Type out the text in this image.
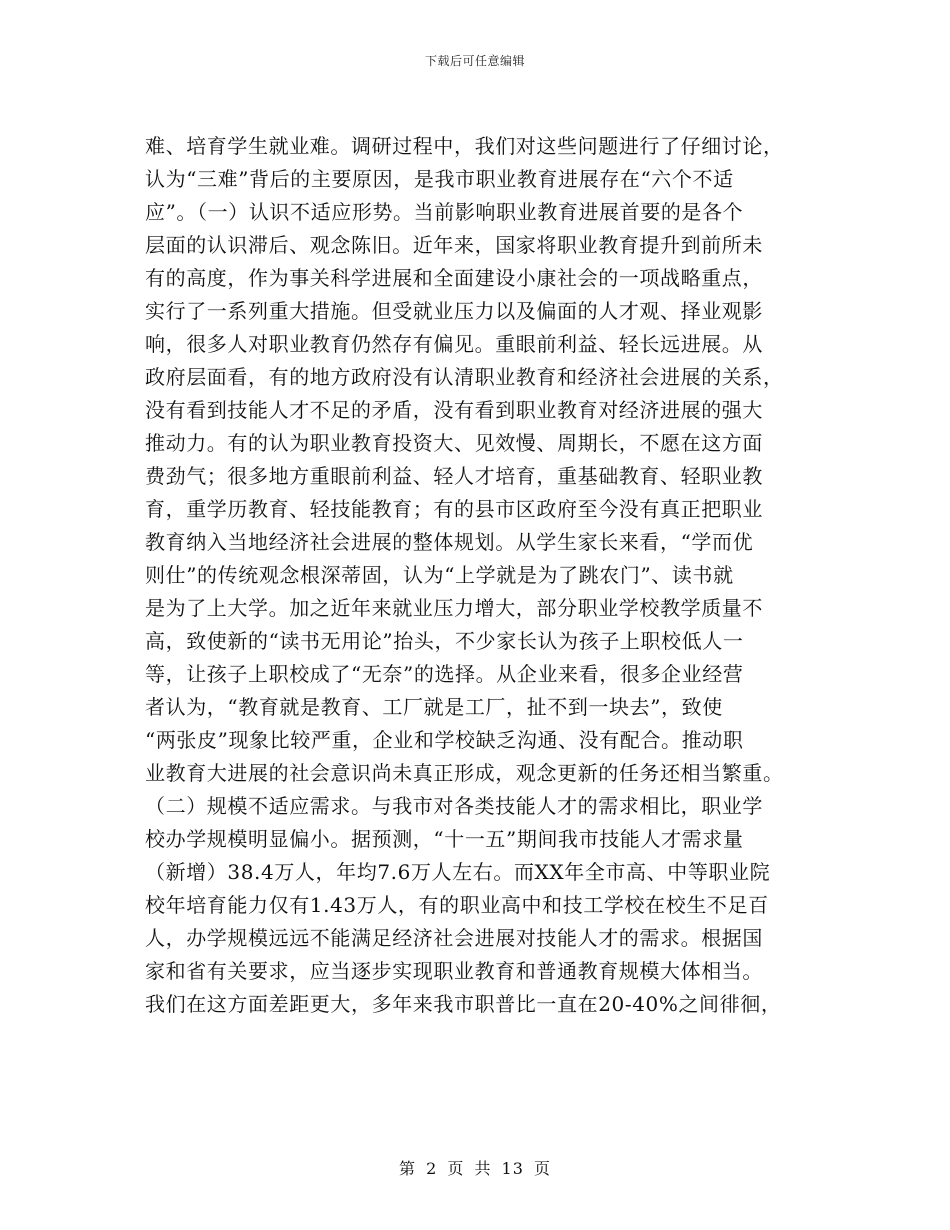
下载后可任意编辑
难、培育学生就业难。调研过程中，我们对这些问题进行了仔细讨论，
认为“三难”背后的主要原因，是我市职业教育进展存在“六个不适
应”。（一）认识不适应形势。当前影响职业教育进展首要的是各个
层面的认识滞后、观念陈旧。近年来，国家将职业教育提升到前所未
有的高度，作为事关科学进展和全面建设小康社会的一项战略重点，
实行了一系列重大措施。但受就业压力以及偏面的人才观、择业观影
响，很多人对职业教育仍然存有偏见。重眼前利益、轻长远进展。从
政府层面看，有的地方政府没有认清职业教育和经济社会进展的关系，
没有看到技能人才不足的矛盾，没有看到职业教育对经济进展的强大
推动力。有的认为职业教育投资大、见效慢、周期长，不愿在这方面
费劲气；很多地方重眼前利益、轻人才培育，重基础教育、轻职业教
育，重学历教育、轻技能教育；有的县市区政府至今没有真正把职业
教育纳入当地经济社会进展的整体规划。从学生家长来看，“学而优
则仕”的传统观念根深蒂固，认为“上学就是为了跳农门”、读书就
是为了上大学。加之近年来就业压力增大，部分职业学校教学质量不
高，致使新的“读书无用论”抬头，不少家长认为孩子上职校低人一
等，让孩子上职校成了“无奈”的选择。从企业来看，很多企业经营
者认为，“教育就是教育、工厂就是工厂，扯不到一块去”，致使
“两张皮”现象比较严重，企业和学校缺乏沟通、没有配合。推动职
业教育大进展的社会意识尚未真正形成，观念更新的任务还相当繁重。
（二）规模不适应需求。与我市对各类技能人才的需求相比，职业学
校办学规模明显偏小。据预测，“十一五”期间我市技能人才需求量
（新增）38.4万人，年均7.6万人左右。而XX年全市高、中等职业院
校年培育能力仅有1.43万人，有的职业高中和技工学校在校生不足百
人，办学规模远远不能满足经济社会进展对技能人才的需求。根据国
家和省有关要求，应当逐步实现职业教育和普通教育规模大体相当。
我们在这方面差距更大，多年来我市职普比一直在20-40%之间徘徊，
第 2 页 共 13 页
